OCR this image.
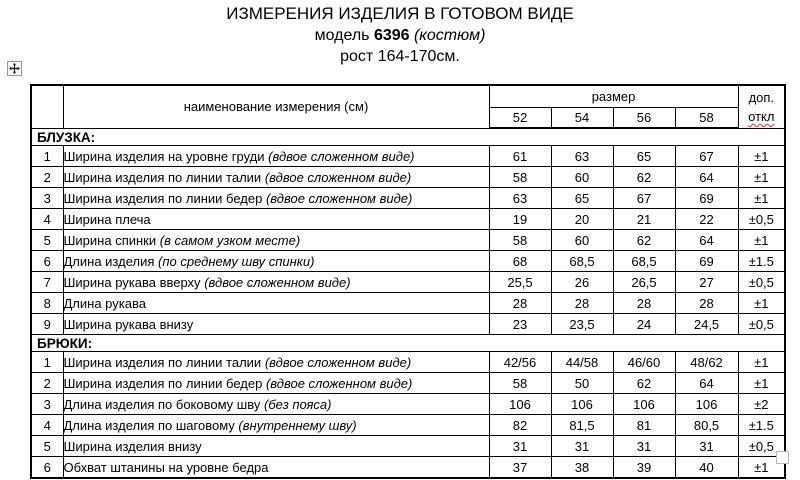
ИЗМЕРЕНИЯ ИЗДЕЛИЯ В ГОТОВОМ ВИДЕ
модель 6396 (костюм)
рост 164-170см.
	наименование измерения (см)	размер				доп.
откл

		52	54	56	58	
БЛУЗКА:						
1	Ширина изделия на уровне груди (вдвое сложенном виде)	61	63	65	67	±1
2	Ширина изделия по линии талии (вдвое сложенном виде)	58	60	62	64	±1
3	Ширина изделия по линии бедер (вдвое сложенном виде)	63	65	67	69	±1
4	Ширина плеча	19	20	21	22	±0,5
5	Ширина спинки (в самом узком месте)	58	60	62	64	±1
6	Длина изделия (по среднему шву спинки)	68	68,5	68,5	69	±1.5
7	Ширина рукава вверху (вдвое сложенном виде)	25,5	26	26,5	27	±0,5
8	Длина рукава	28	28	28	28	±1
9	Ширина рукава внизу	23	23,5	24	24,5	±0,5
БРЮКИ:						
1	Ширина изделия по линии талии (вдвое сложенном виде)	42/56	44/58	46/60	48/62	±1
2	Ширина изделия по линии бедер (вдвое сложенном виде)	58	50	62	64	±1
3	Длина изделия по боковому шву (без пояса)	106	106	106	106	±2
4	Длина изделия по шаговому (внутреннему шву)	82	81,5	81	80,5	±1.5
5	Ширина изделия внизу	31	31	31	31	±0,5
6	Обхват штанины на уровне бедра	37	38	39	40	±1
